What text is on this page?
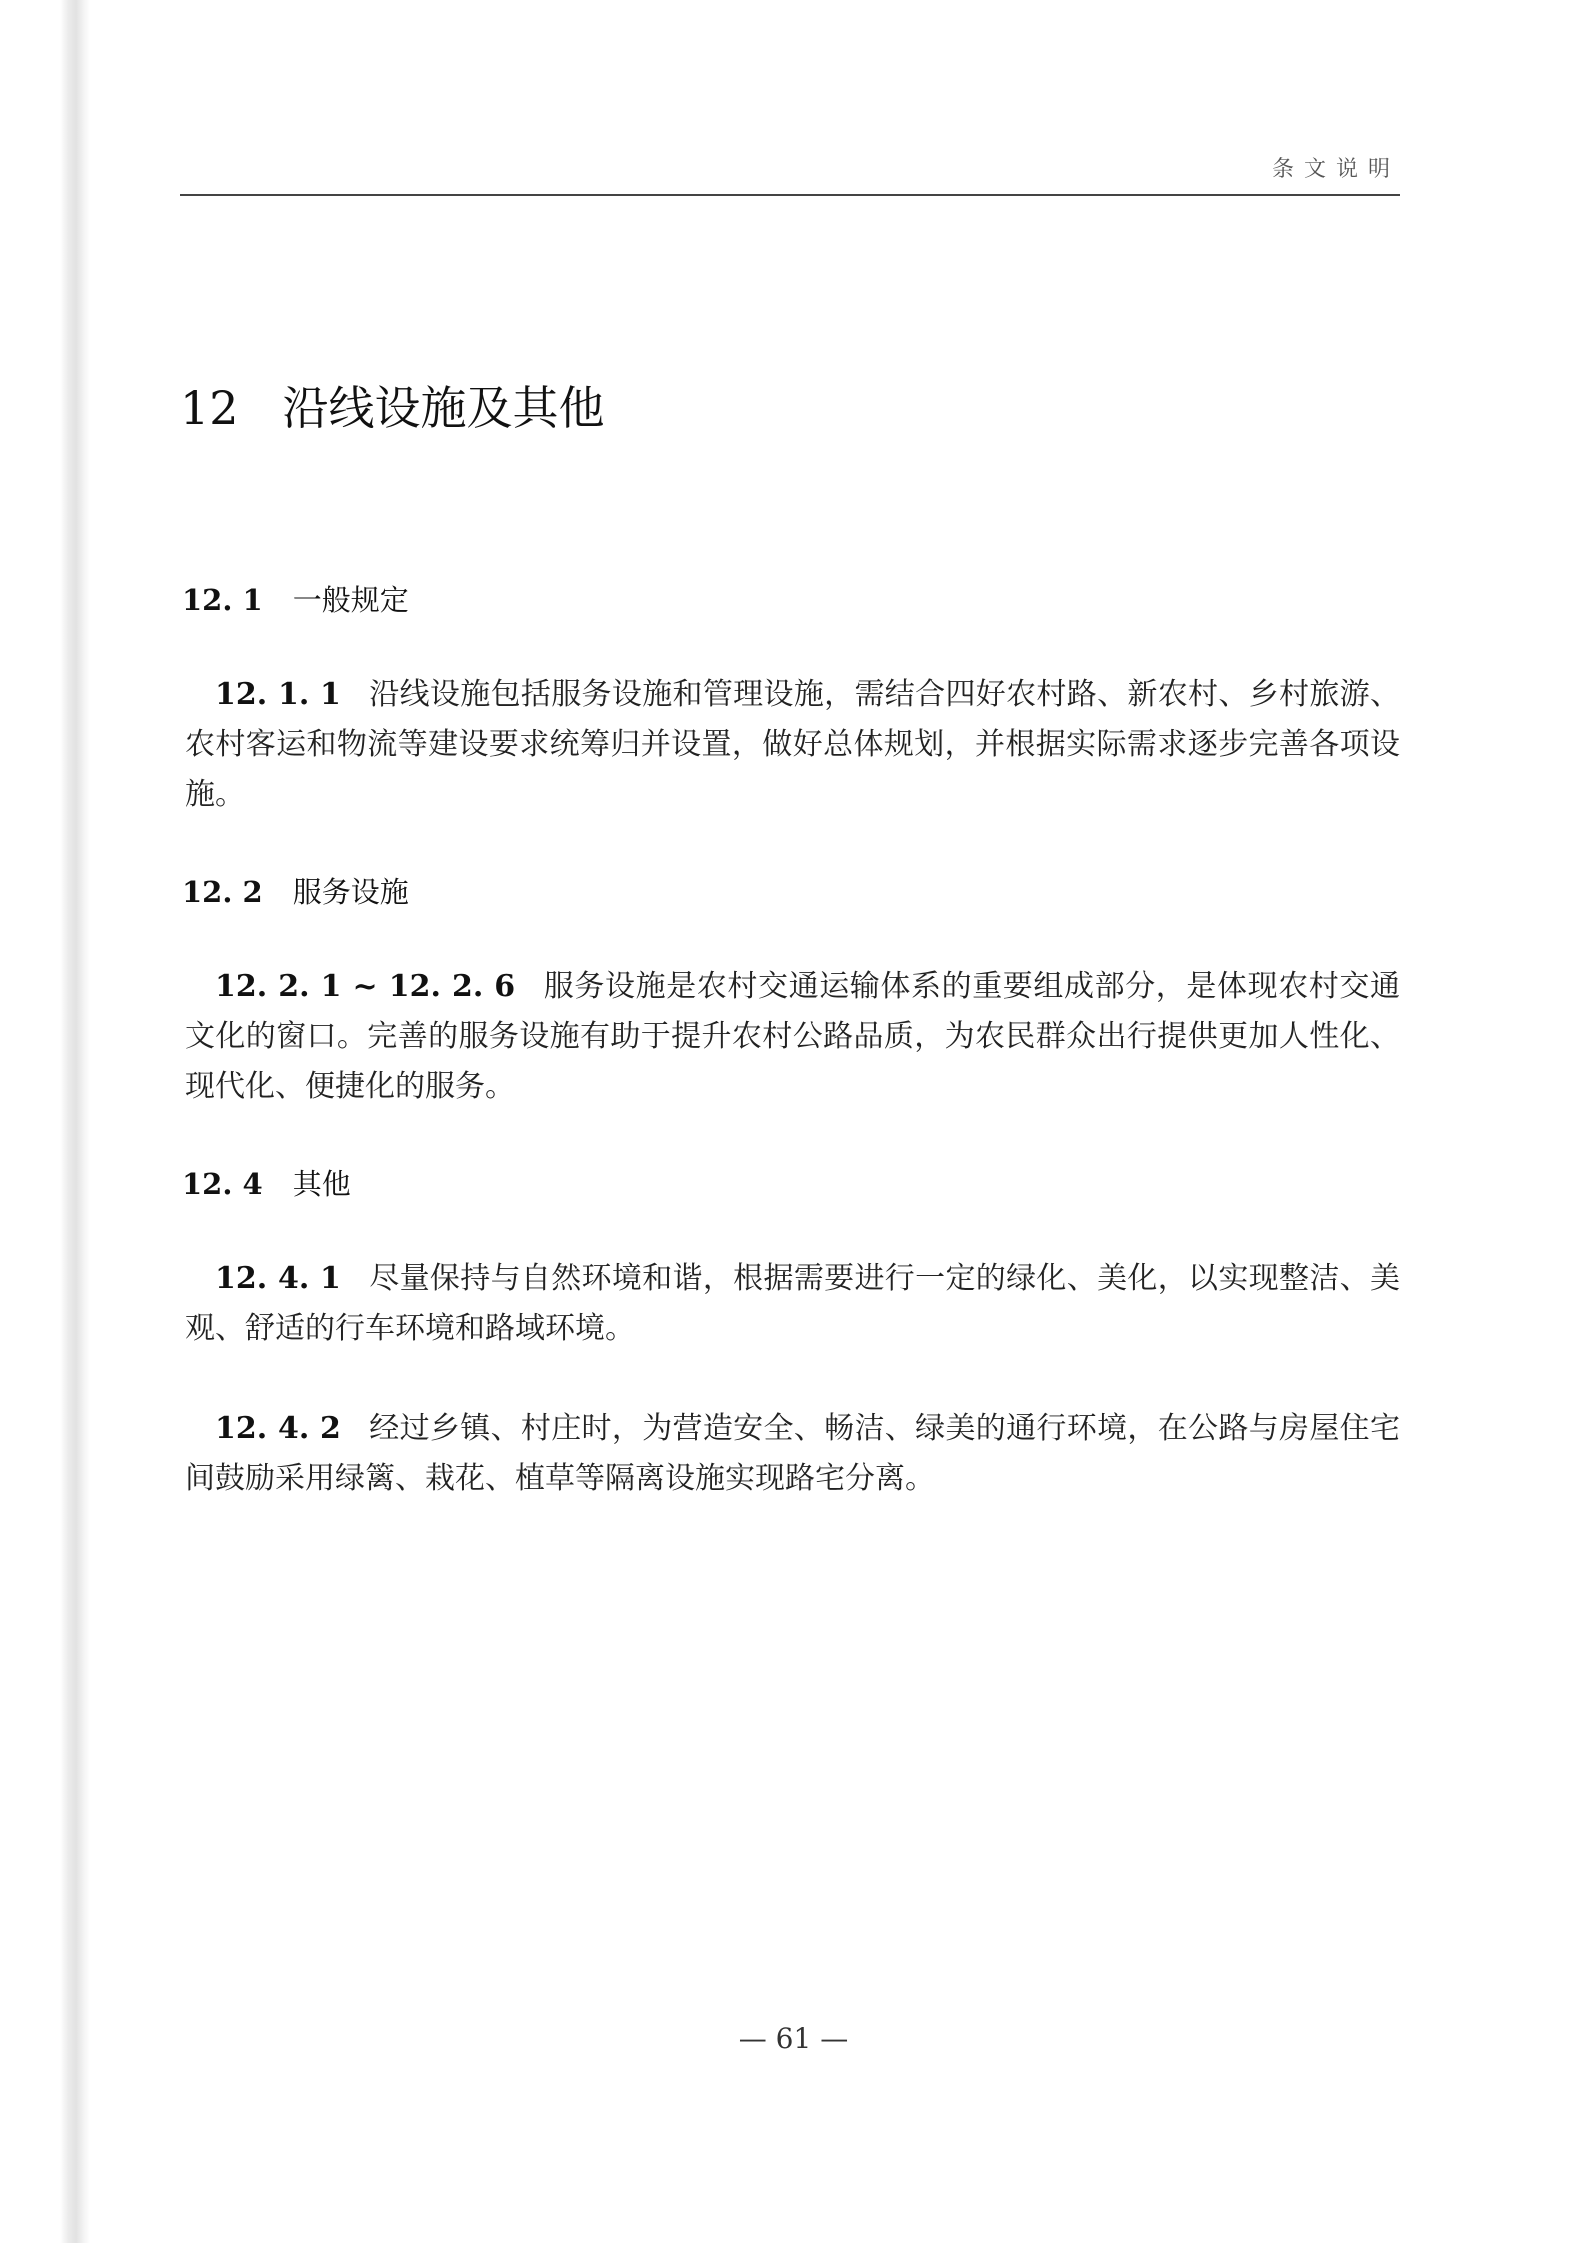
条文说明
12 沿线设施及其他
12. 1 一般规定

12. 1. 1 沿线设施包括服务设施和管理设施，需结合四好农村路、新农村、乡村旅游、农村客运和物流等建设要求统筹归并设置，做好总体规划，并根据实际需求逐步完善各项设施。

12. 2 服务设施

12. 2. 1 ~ 12. 2. 6 服务设施是农村交通运输体系的重要组成部分，是体现农村交通文化的窗口。完善的服务设施有助于提升农村公路品质，为农民群众出行提供更加人性化、现代化、便捷化的服务。

12. 4 其他

12. 4. 1 尽量保持与自然环境和谐，根据需要进行一定的绿化、美化，以实现整洁、美观、舒适的行车环境和路域环境。

12. 4. 2 经过乡镇、村庄时，为营造安全、畅洁、绿美的通行环境，在公路与房屋住宅间鼓励采用绿篱、栽花、植草等隔离设施实现路宅分离。

— 61 —
